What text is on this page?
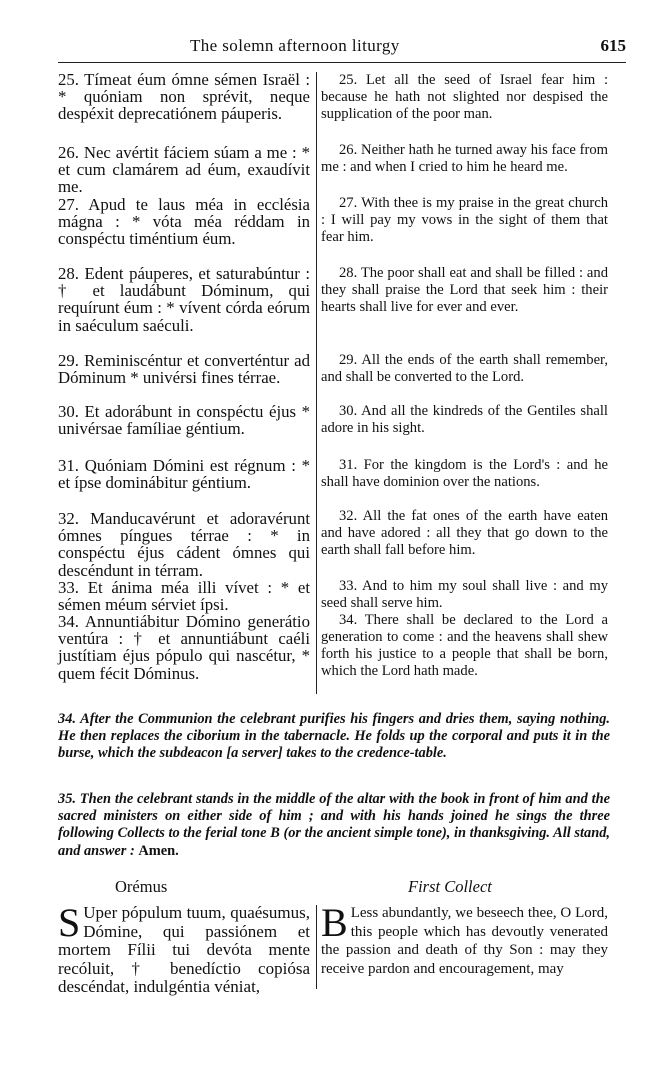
The solemn afternoon liturgy	615

25. Tímeat éum ómne sémen Israël : * quóniam non sprévit, neque despéxit deprecatiónem páuperis.

26. Nec avértit fáciem súam a me : * et cum clamárem ad éum, exaudívit me.

27. Apud te laus méa in ecclésia mágna : * vóta méa réddam in conspéctu timéntium éum.

28. Edent páuperes, et saturabúntur : † et laudábunt Dóminum, qui requírunt éum : * vívent córda eórum in saéculum saéculi.

29. Reminiscéntur et converténtur ad Dóminum * univérsi fines térrae.

30. Et adorábunt in conspéctu éjus * univérsae famíliae géntium.

31. Quóniam Dómini est régnum : * et ípse dominábitur géntium.

32. Manducavérunt et adoravérunt ómnes píngues térrae : * in conspéctu éjus cádent ómnes qui descéndunt in térram.

33. Et ánima méa illi vívet : * et sémen méum sérviet ípsi.

34. Annuntiábitur Dómino generátio ventúra : † et annuntiábunt caéli justítiam éjus pópulo qui nascétur, * quem fécit Dóminus.

25. Let all the seed of Israel fear him : because he hath not slighted nor despised the supplication of the poor man.

26. Neither hath he turned away his face from me : and when I cried to him he heard me.

27. With thee is my praise in the great church : I will pay my vows in the sight of them that fear him.

28. The poor shall eat and shall be filled : and they shall praise the Lord that seek him : their hearts shall live for ever and ever.

29. All the ends of the earth shall remember, and shall be converted to the Lord.

30. And all the kindreds of the Gentiles shall adore in his sight.

31. For the kingdom is the Lord's : and he shall have dominion over the nations.

32. All the fat ones of the earth have eaten and have adored : all they that go down to the earth shall fall before him.

33. And to him my soul shall live : and my seed shall serve him.

34. There shall be declared to the Lord a generation to come : and the heavens shall shew forth his justice to a people that shall be born, which the Lord hath made.

34. After the Communion the celebrant purifies his fingers and dries them, saying nothing. He then replaces the ciborium in the tabernacle. He folds up the corporal and puts it in the burse, which the subdeacon [a server] takes to the credence-table.

35. Then the celebrant stands in the middle of the altar with the book in front of him and the sacred ministers on either side of him ; and with his hands joined he sings the three following Collects to the ferial tone B (or the ancient simple tone), in thanksgiving. All stand, and answer : Amen.

Orémus	First Collect
S Uper pópulum tuum, quaésumus, Dómine, qui passiónem et mortem Fílii tui devóta mente recóluit, † benedíctio copiósa descéndat, indulgéntia véniat,
B Less abundantly, we beseech thee, O Lord, this people which has devoutly venerated the passion and death of thy Son : may they receive pardon and encouragement, may
